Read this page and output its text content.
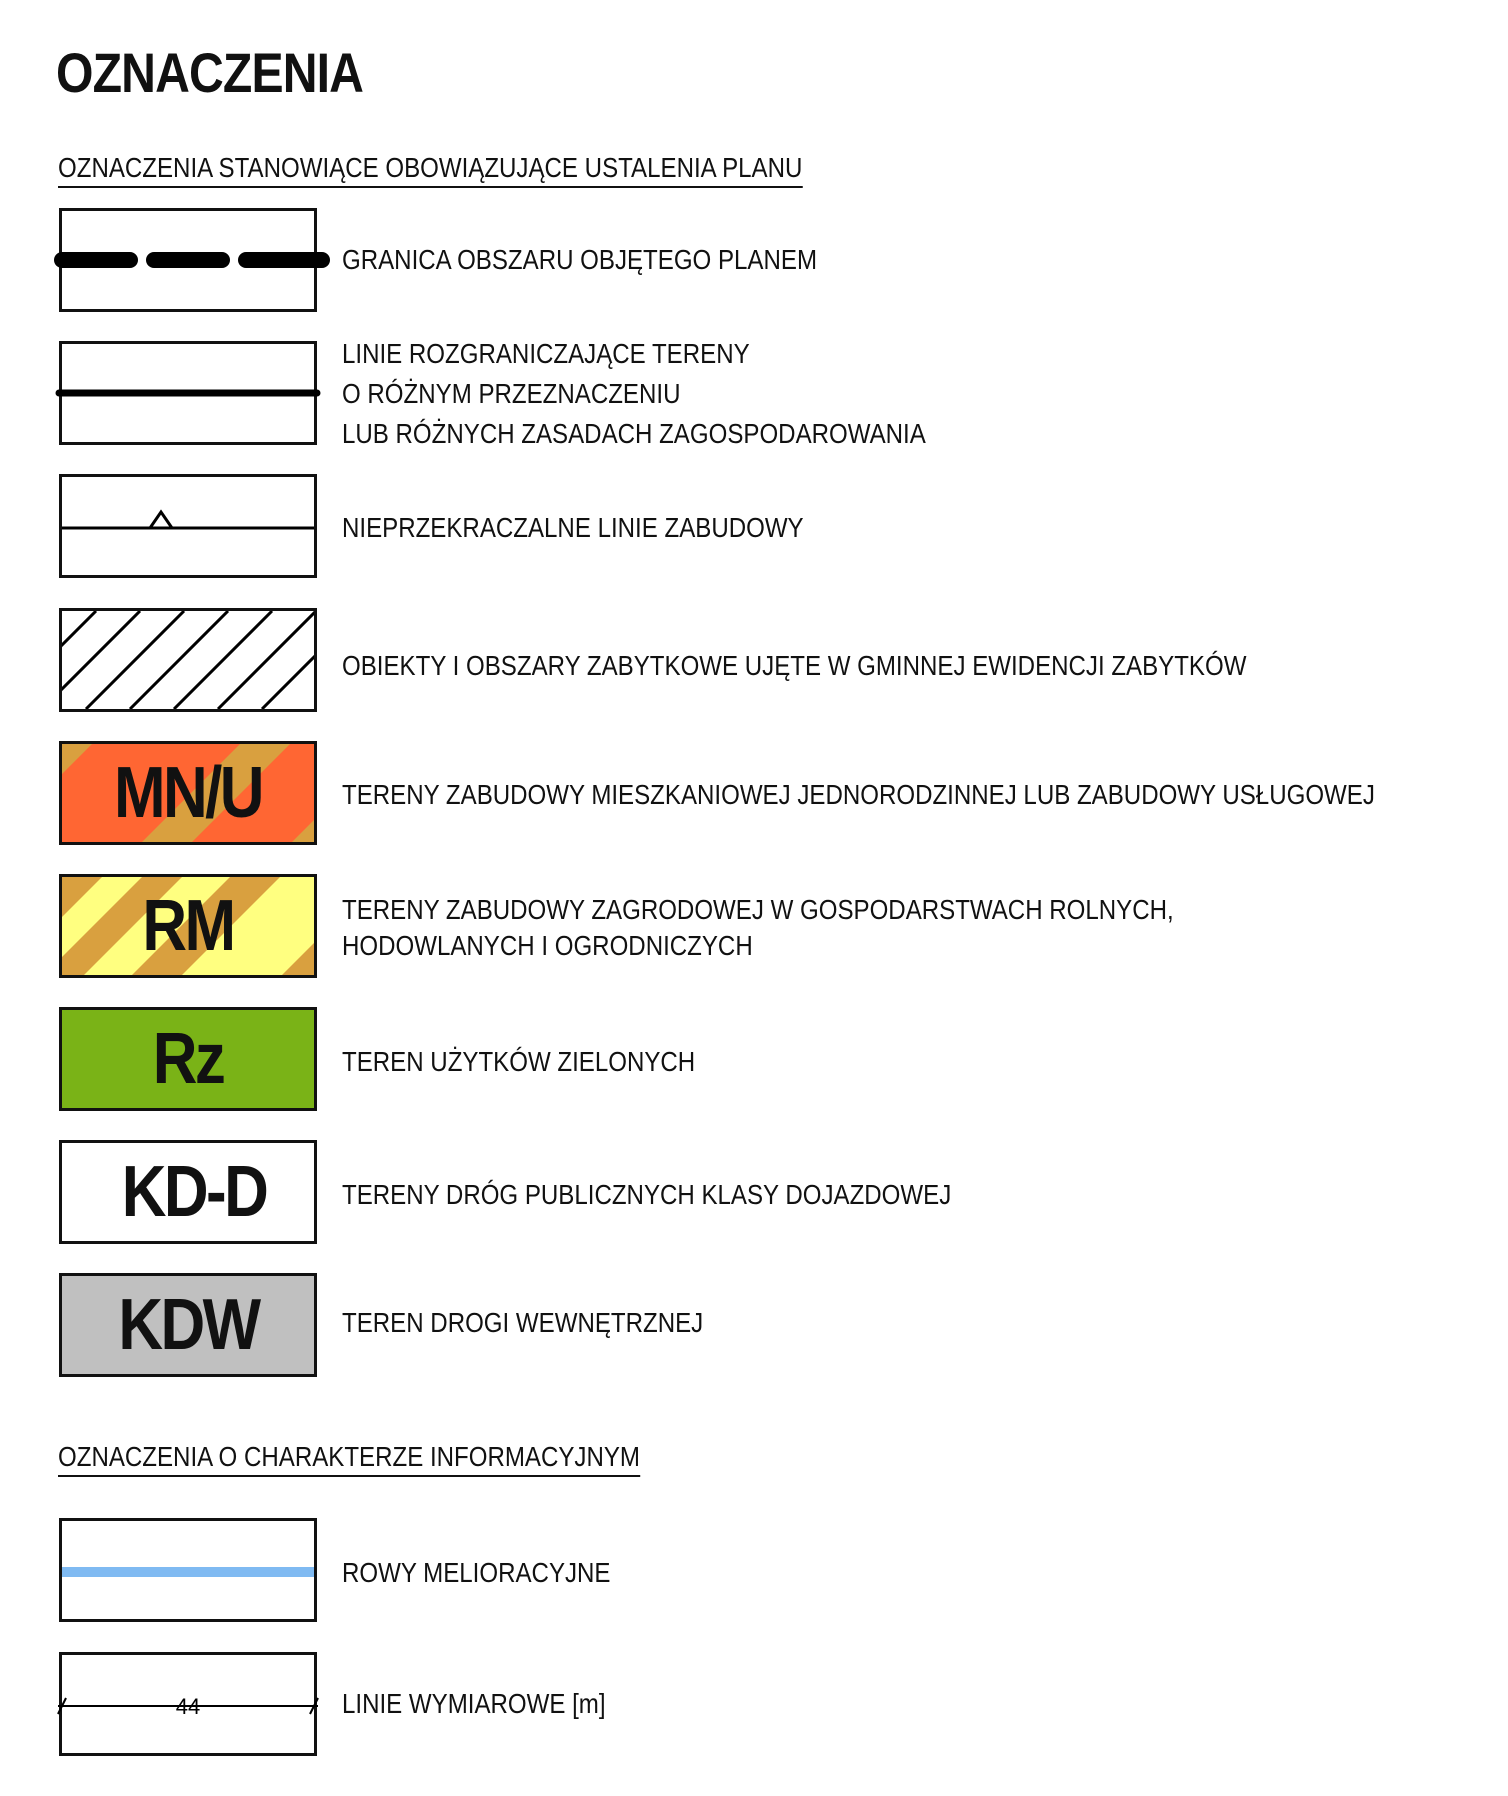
OZNACZENIA
OZNACZENIA STANOWIĄCE OBOWIĄZUJĄCE USTALENIA PLANU
GRANICA OBSZARU OBJĘTEGO PLANEM
LINIE ROZGRANICZAJĄCE TERENY
O RÓŻNYM PRZEZNACZENIU
LUB RÓŻNYCH ZASADACH ZAGOSPODAROWANIA
NIEPRZEKRACZALNE LINIE ZABUDOWY
OBIEKTY I OBSZARY ZABYTKOWE UJĘTE W GMINNEJ EWIDENCJI ZABYTKÓW
MN/U	TERENY ZABUDOWY MIESZKANIOWEJ JEDNORODZINNEJ LUB ZABUDOWY USŁUGOWEJ
RM	TERENY ZABUDOWY ZAGRODOWEJ W GOSPODARSTWACH ROLNYCH,
HODOWLANYCH I OGRODNICZYCH
Rz	TEREN UŻYTKÓW ZIELONYCH
KD-D	TERENY DRÓG PUBLICZNYCH KLASY DOJAZDOWEJ
KDW	TEREN DROGI WEWNĘTRZNEJ
OZNACZENIA O CHARAKTERZE INFORMACYJNYM
ROWY MELIORACYJNE
44	LINIE WYMIAROWE [m]
